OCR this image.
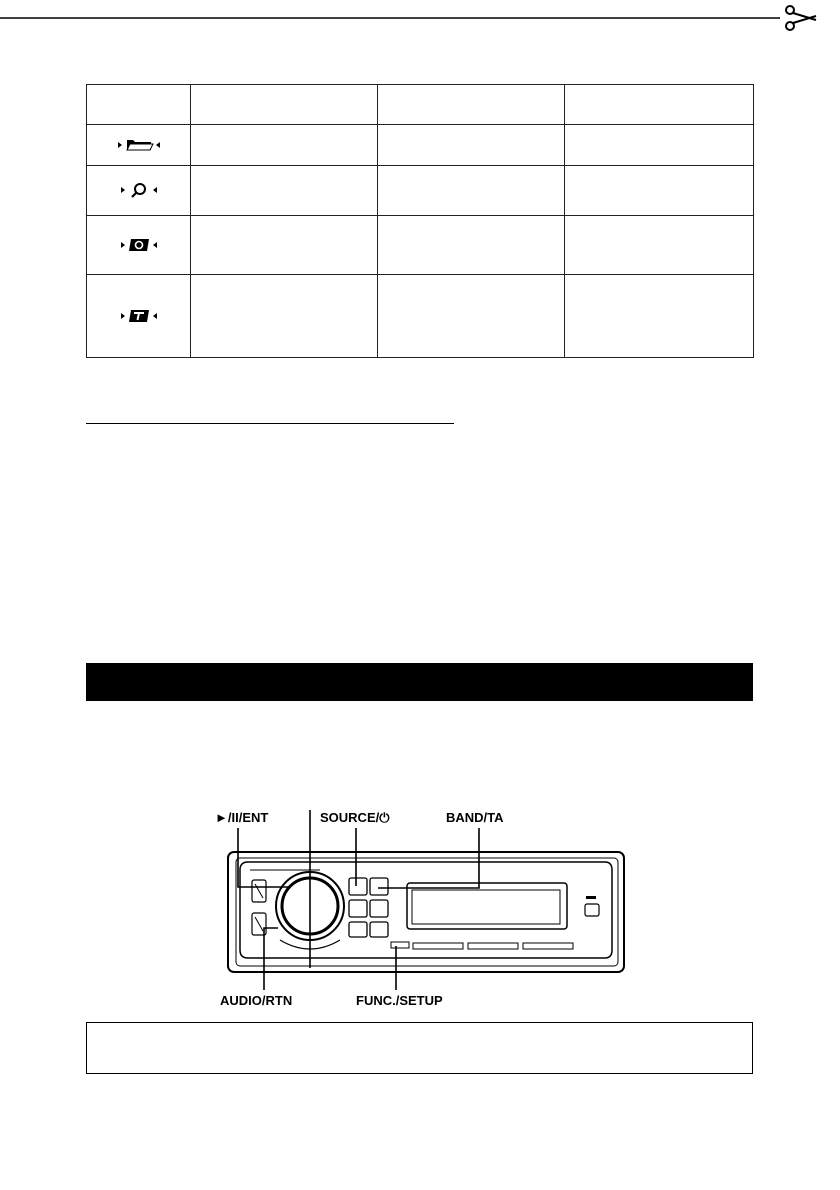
►/II/ENT	SOURCE/⏻	BAND/TA
AUDIO/RTN	FUNC./SETUP
